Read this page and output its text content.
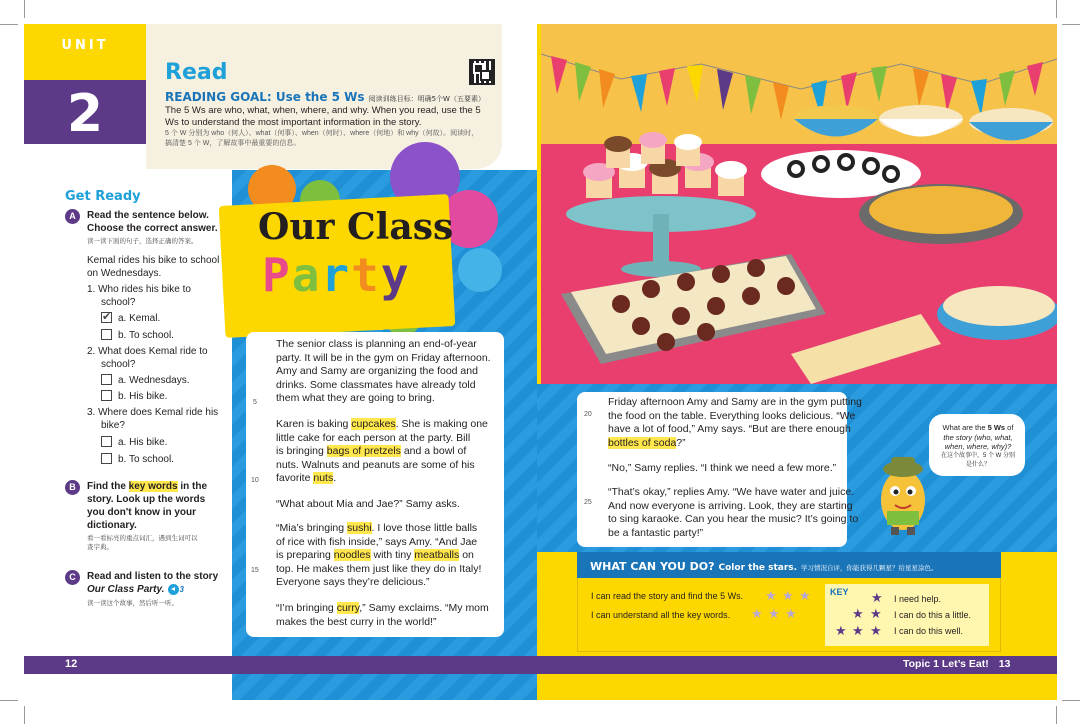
UNIT
2
Read
READING GOAL: Use the 5 Ws 阅读训练目标：明确5个W（五要素）
The 5 Ws are who, what, when, where, and why. When you read, use the 5 Ws to understand the most important information in the story.
5 个 W 分别为 who（何人）、what（何事）、when（何时）、where（何地）和 why（何故）。阅读时，搞清楚 5 个 W，了解故事中最重要的信息。
Get Ready
A	Read the sentence below.
Choose the correct answer.
读一读下面的句子，选择正确的答案。
Kemal rides his bike to school
on Wednesdays.
1. Who rides his bike to
school?
✔ a. Kemal.
b. To school.
2. What does Kemal ride to
school?
a. Wednesdays.
b. His bike.
3. Where does Kemal ride his
bike?
a. His bike.
b. To school.
B	Find the key words in the
story. Look up the words
you don't know in your
dictionary.
看一看标亮的重点词汇，遇到生词可以
查字典。
C	Read and listen to the story
Our Class Party. 3
读一读这个故事，然后听一听。
Our Class
Party
The senior class is planning an end-of-year
party. It will be in the gym on Friday afternoon.
Amy and Samy are organizing the food and
drinks. Some classmates have already told
them what they are going to bring.
Karen is baking cupcakes. She is making one
little cake for each person at the party. Bill
is bringing bags of pretzels and a bowl of
nuts. Walnuts and peanuts are some of his
favorite nuts.
“What about Mia and Jae?” Samy asks.
“Mia’s bringing sushi. I love those little balls
of rice with fish inside,” says Amy. “And Jae
is preparing noodles with tiny meatballs on
top. He makes them just like they do in Italy!
Everyone says they’re delicious.”
“I’m bringing curry,” Samy exclaims. “My mom
makes the best curry in the world!”
Friday afternoon Amy and Samy are in the gym putting
the food on the table. Everything looks delicious. “We
have a lot of food,” Amy says. “But are there enough
bottles of soda?”
“No,” Samy replies. “I think we need a few more.”
“That’s okay,” replies Amy. “We have water and juice.
And now everyone is arriving. Look, they are starting
to sing karaoke. Can you hear the music? It’s going to
be a fantastic party!”
5
10
15
20
25
What are the 5 Ws of
the story (who, what,
when, where, why)?
在这个故事中，5 个 W 分别
是什么？
WHAT CAN YOU DO? Color the stars. 学习情况自评，你能获得几颗星？给星星涂色。
I can read the story and find the 5 Ws. ★ ★ ★
I can understand all the key words. ★ ★ ★
KEY ★ I need help.
★ ★ I can do this a little.
★ ★ ★ I can do this well.
12	Topic 1 Let’s Eat! 13
